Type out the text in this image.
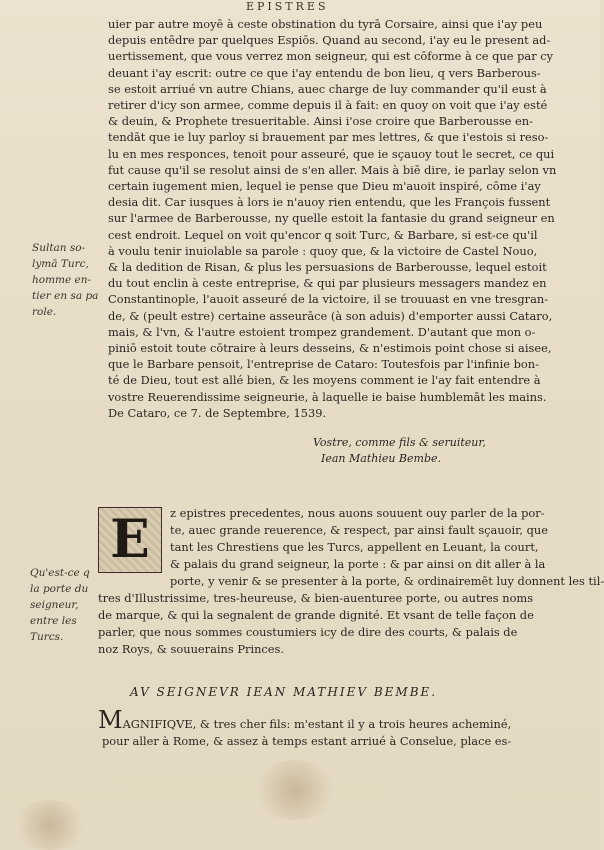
EPISTRES

uier par autre moyē à ceste obstination du tyrā Corsaire, ainsi que i'ay peu
depuis entēdre par quelques Espiōs. Quand au second, i'ay eu le present ad-
uertissement, que vous verrez mon seigneur, qui est cōforme à ce que par cy
deuant i'ay escrit: outre ce que i'ay entendu de bon lieu, q vers Barberous-
se estoit arriué vn autre Chians, auec charge de luy commander qu'il eust à
retirer d'icy son armee, comme depuis il à fait: en quoy on voit que i'ay esté
& deuin, & Prophete tresueritable. Ainsi i'ose croire que Barberousse en-
tendāt que ie luy parloy si brauement par mes lettres, & que i'estois si reso-
lu en mes responces, tenoit pour asseuré, que ie sçauoy tout le secret, ce qui
fut cause qu'il se resolut ainsi de s'en aller. Mais à biē dire, ie parlay selon vn
certain iugement mien, lequel ie pense que Dieu m'auoit inspiré, cōme i'ay
desia dit. Car iusques à lors ie n'auoy rien entendu, que les François fussent
sur l'armee de Barberousse, ny quelle estoit la fantasie du grand seigneur en
cest endroit. Lequel on voit qu'encor q soit Turc, & Barbare, si est-ce qu'il
à voulu tenir inuiolable sa parole : quoy que, & la victoire de Castel Nouo,
& la dedition de Risan, & plus les persuasions de Barberousse, lequel estoit
du tout enclin à ceste entreprise, & qui par plusieurs messagers mandez en
Constantinople, l'auoit asseuré de la victoire, il se trouuast en vne tresgran-
de, & (peult estre) certaine asseurāce (à son aduis) d'emporter aussi Cataro,
mais, & l'vn, & l'autre estoient trompez grandement. D'autant que mon o-
piniō estoit toute cōtraire à leurs desseins, & n'estimois point chose si aisee,
que le Barbare pensoit, l'entreprise de Cataro: Toutesfois par l'infinie bon-
té de Dieu, tout est allé bien, & les moyens comment ie l'ay fait entendre à
vostre Reuerendissime seigneurie, à laquelle ie baise humblemāt les mains.
De Cataro, ce 7. de Septembre, 1539.

Vostre, comme fils & seruiteur,
Iean Mathieu Bembe.
Sultan so-
lymā Turc,
homme en-
tier en sa pa
role.
E	z epistres precedentes, nous auons souuent ouy parler de la por-
te, auec grande reuerence, & respect, par ainsi fault sçauoir, que
tant les Chrestiens que les Turcs, appellent en Leuant, la court,
& palais du grand seigneur, la porte : & par ainsi on dit aller à la
porte, y venir & se presenter à la porte, & ordinairemēt luy donnent les til-
tres d'Illustrissime, tres-heureuse, & bien-auenturee porte, ou autres noms
de marque, & qui la segnalent de grande dignité. Et vsant de telle façon de
parler, que nous sommes coustumiers icy de dire des courts, & palais de
noz Roys, & souuerains Princes.
Qu'est-ce q
la porte du
seigneur,
entre les
Turcs.
AV SEIGNEVR IEAN MATHIEV BEMBE.
MAGNIFIQVE, & tres cher fils: m'estant il y a trois heures acheminé,
pour aller à Rome, & assez à temps estant arriué à Conselue, place es-
